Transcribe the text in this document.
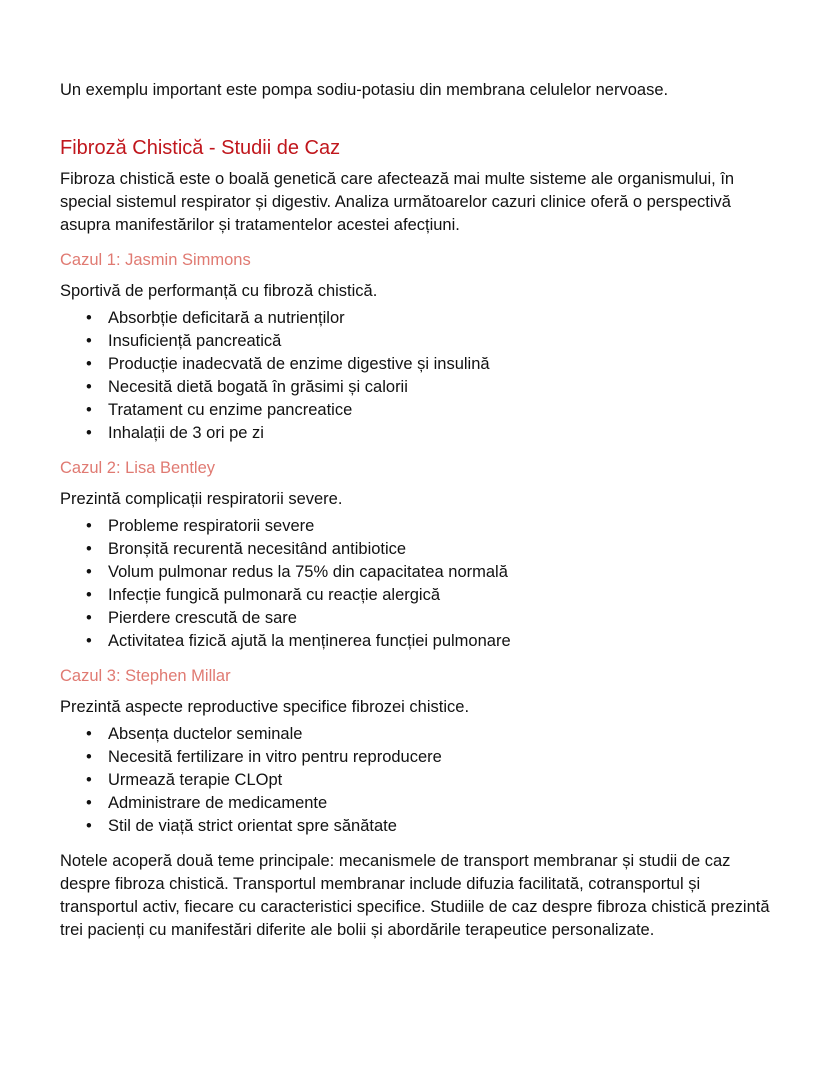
Un exemplu important este pompa sodiu-potasiu din membrana celulelor nervoase.

Fibroză Chistică - Studii de Caz

Fibroza chistică este o boală genetică care afectează mai multe sisteme ale organismului, în special sistemul respirator și digestiv. Analiza următoarelor cazuri clinice oferă o perspectivă asupra manifestărilor și tratamentelor acestei afecțiuni.

Cazul 1: Jasmin Simmons

Sportivă de performanță cu fibroză chistică.

• Absorbție deficitară a nutrienților
• Insuficiență pancreatică
• Producție inadecvată de enzime digestive și insulină
• Necesită dietă bogată în grăsimi și calorii
• Tratament cu enzime pancreatice
• Inhalații de 3 ori pe zi
Cazul 2: Lisa Bentley

Prezintă complicații respiratorii severe.

• Probleme respiratorii severe
• Bronșită recurentă necesitând antibiotice
• Volum pulmonar redus la 75% din capacitatea normală
• Infecție fungică pulmonară cu reacție alergică
• Pierdere crescută de sare
• Activitatea fizică ajută la menținerea funcției pulmonare
Cazul 3: Stephen Millar

Prezintă aspecte reproductive specifice fibrozei chistice.

• Absența ductelor seminale
• Necesită fertilizare in vitro pentru reproducere
• Urmează terapie CLOpt
• Administrare de medicamente
• Stil de viață strict orientat spre sănătate

Notele acoperă două teme principale: mecanismele de transport membranar și studii de caz despre fibroza chistică. Transportul membranar include difuzia facilitată, cotransportul și transportul activ, fiecare cu caracteristici specifice. Studiile de caz despre fibroza chistică prezintă trei pacienți cu manifestări diferite ale bolii și abordările terapeutice personalizate.
